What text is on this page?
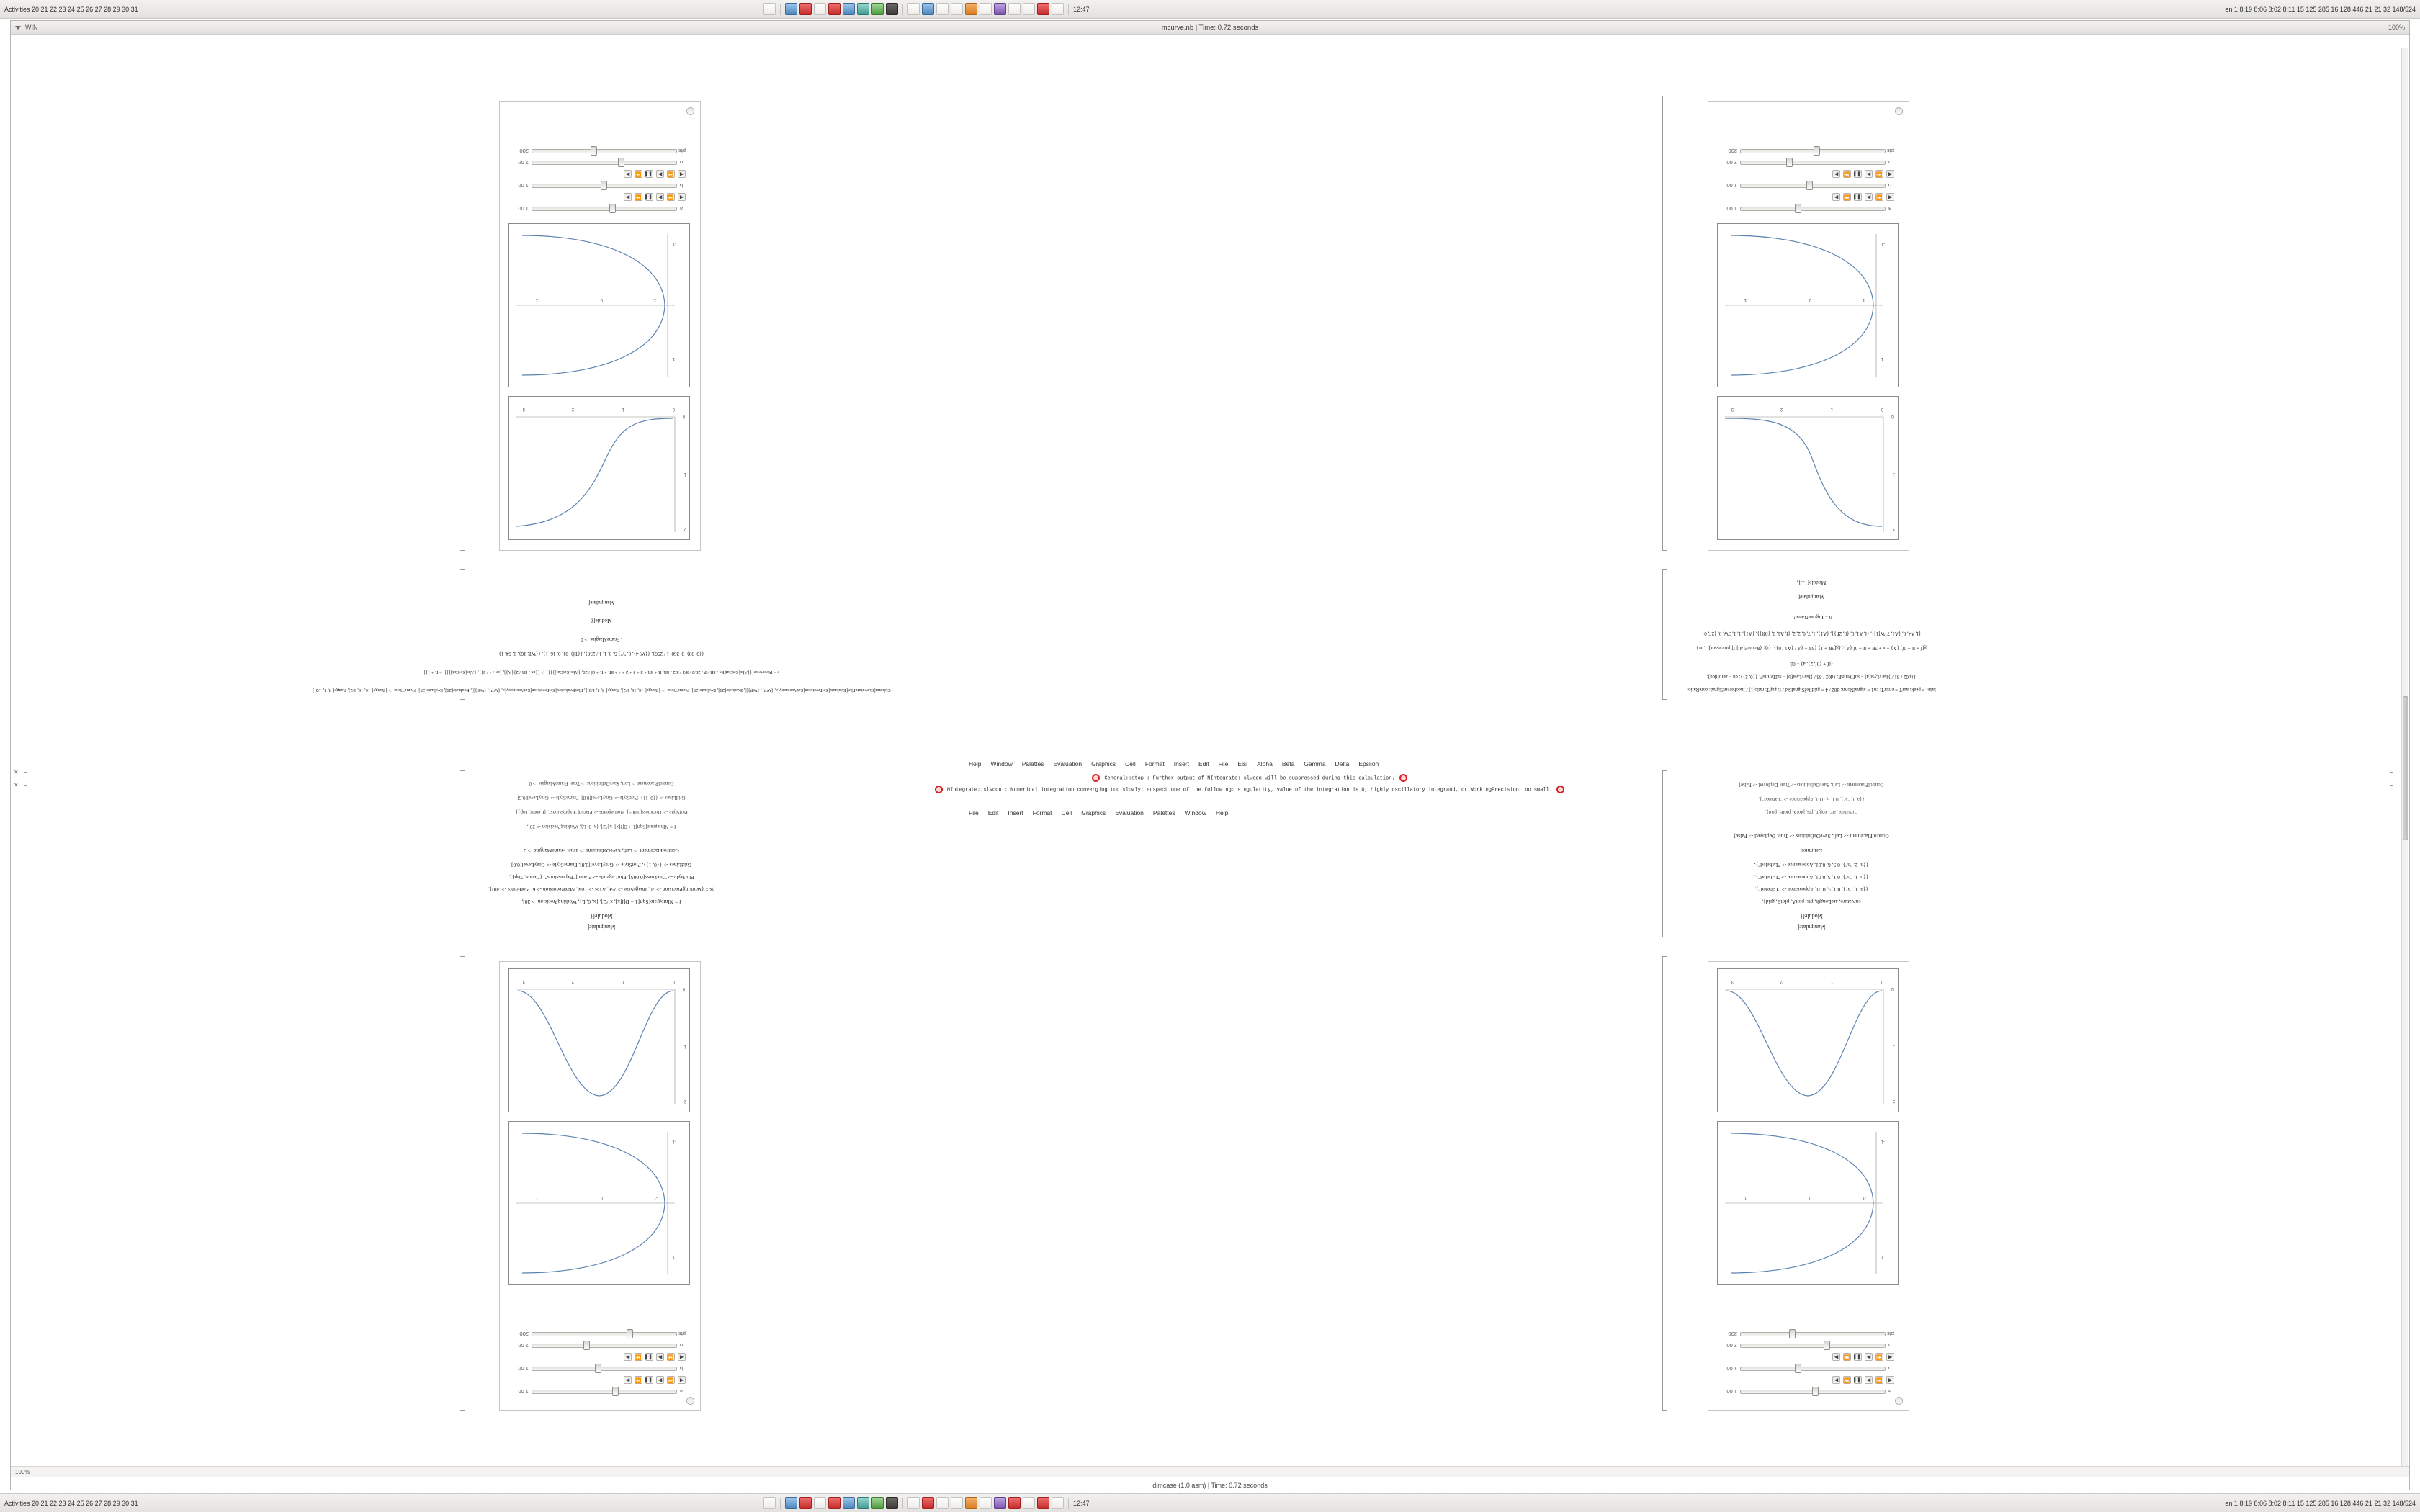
Activities 20 21 22 23 24 25 26 27 28 29 30 31	12:47	en 1 8:19 8:06 8:02 8:11 15 125 285 16 128 446 21 21 32 148/524
WIN	mcurve.nb | Time: 0.72 seconds	100%
0
1
2
3
0
1
2
-1
0
1
1
-1
a
1.00
◀
⏪
▶
❚❚
⏩
▶
b
1.00
◀
⏪
▶
❚❚
⏩
▶
n
2.00
pts
200
0
1
2
3
0
1
2
-1
0
1
1
-1
a
1.00
◀
⏪
▶
❚❚
⏩
▶
b
1.00
◀
⏪
▶
❚❚
⏩
▶
n
2.00
pts
200
-1
0
1
1
-1
0
1
2
3
0
1
2
a
1.00
◀
⏪
▶
❚❚
⏩
▶
b
1.00
◀
⏪
▶
❚❚
⏩
▶
n
2.00
pts
200
-1
0
1
1
-1
0
1
2
3
0
1
2
a
1.00
◀
⏪
▶
❚❚
⏩
▶
b
1.00
◀
⏪
▶
❚❚
⏩
▶
n
2.00
pts
200
Manipulate[
Module[{
curvature, arcLength, pts, plotA, plotB, grid},
{{a, 1, "a"}, 0.1, 5, 0.01, Appearance -> "Labeled"},
{{b, 1, "b"}, 0.1, 5, 0.01, Appearance -> "Labeled"},
{{n, 2, "n"}, 0.5, 6, 0.01, Appearance -> "Labeled"},
Delimiter,
ControlPlacement -> Left, SaveDefinitions -> True, Deployed -> False]
curvature, arcLength, pts, plotA, plotB, grid},
{{a, 1, "a"}, 0.1, 5, 0.01, Appearance -> "Labeled"},
ControlPlacement -> Left, SaveDefinitions -> True, Deployed -> False]
label = peak; aurT = errorT; cu1 = signalNorm; d02 / 4 = gridRefSignalStd / f; gapT; ratio[1] / IncoherentSignal; coreRatio;
{{d02 / 81 / }harvLyst[a] = stdTermsF; {d02 / 83 / }harvLyst[b] = stdTermsF; {{0, 2}}; cu = zero[dcu];
{(f + {0f, 2}, a} = 0f;
g[f + R + 0f] {A} + x + 3R + R + 0f {A}; {g[3R + 1} {3R + {A / {A1 / 0}}; {t}; {RouteF[ab][f][processor]; t, w}
{f, A4, 0, {A1, 7}W[1]}, {f, A1, 0, {8, 2F}}, {A1}, 1, 7, 0, 2, 2, {f, A1, 0, {8R}}, {A1}, 1, 1, 3W, 0, {2F, 0}
0 = IngrateName! .
Manipulate[
Module[{...},
Manipulate[
Module[{
f = NIntegrate[Sqrt[1 + D[f[x], x]^2], {x, 0, L}, WorkingPrecision -> 20],
ps = {WorkingPrecision -> 20, ImageSize -> 256, Axes -> True, MaxRecursion -> 6, PlotPoints -> 200},
PlotStyle -> Thickness[0.005], PlotLegends -> Placed["Expressions", {Center, Top}],
GridLines -> {{0, 1}}, PlotStyle -> GrayLevel[0.8], FrameStyle -> GrayLevel[0.6]
ControlPlacement -> Left, SaveDefinitions -> True, FrameMargins -> 0
f = NIntegrate[Sqrt[1 + D[f[x], x]^2], {x, 0, L}, WorkingPrecision -> 20],
PlotStyle -> Thickness[0.005], PlotLegends -> Placed["Expressions", {Center, Top}],
GridLines -> {{0, 1}}, PlotStyle -> GrayLevel[0.8], FrameStyle -> GrayLevel[0.6]
ControlPlacement -> Left, SaveDefinitions -> True, FrameMargins -> 0
Column[CurvaturePlot[Evaluate[SetPrecision[SetAccuracy[a, {WP}, {WP}]], Evaluate[20], Evaluate[25], FrameTicks -> {Range[-16, 16, 1/2], Range[-4, 4, 1/2]}, PlotEvaluated[SetPrecision[SetAccuracy[a, {WP}, {WP}]], Evaluate[20], Evaluate[25], FrameTicks -> {Range[-16, 16, 1/2], Range[-4, 4, 1/2]}
e = Piecewise[{{Abs[SetCut[Fx / 8R / P / 20/2 / 8/2 / 8/2 / 8R, R + 8R + 2 + 4 + 2 + 4 + 8R + R + 0f / 20, {Abs[SetCut]}}}] -> {{cx / 8R / 2}{A}], {cx / 4 / 2}}, {Abs[SetCut]}}] -> R + 1}}
{{0, 90}, 0, 360, 1 / 256}, {{W, 4}, 0, "/"} 5, 0, 1, 1 / 256}, {{Tf}, 0}, 0, 16, 1}, {{WP, 16}, 0, 64, 1}
, FrameMargins -> 0
Module[{
Manipulate[
Help Window Palettes Evaluation Graphics Cell Format Insert Edit File Elsi Alpha Beta Gamma Delta Epsilon
File Edit Insert Format Cell Graphics Evaluation Palettes Window Help
General::stop : Further output of NIntegrate::slwcon will be suppressed during this calculation.
NIntegrate::slwcon : Numerical integration converging too slowly; suspect one of the following: singularity, value of the integration is 0, highly oscillatory integrand, or WorkingPrecision too small.
✕
✕
⌐
⌐
⌐
⌐
100%
Activities 20 21 22 23 24 25 26 27 28 29 30 31	12:47	en 1 8:19 8:06 8:02 8:11 15 125 285 16 128 446 21 21 32 148/524
dimcase (1.0 asm) | Time: 0.72 seconds
